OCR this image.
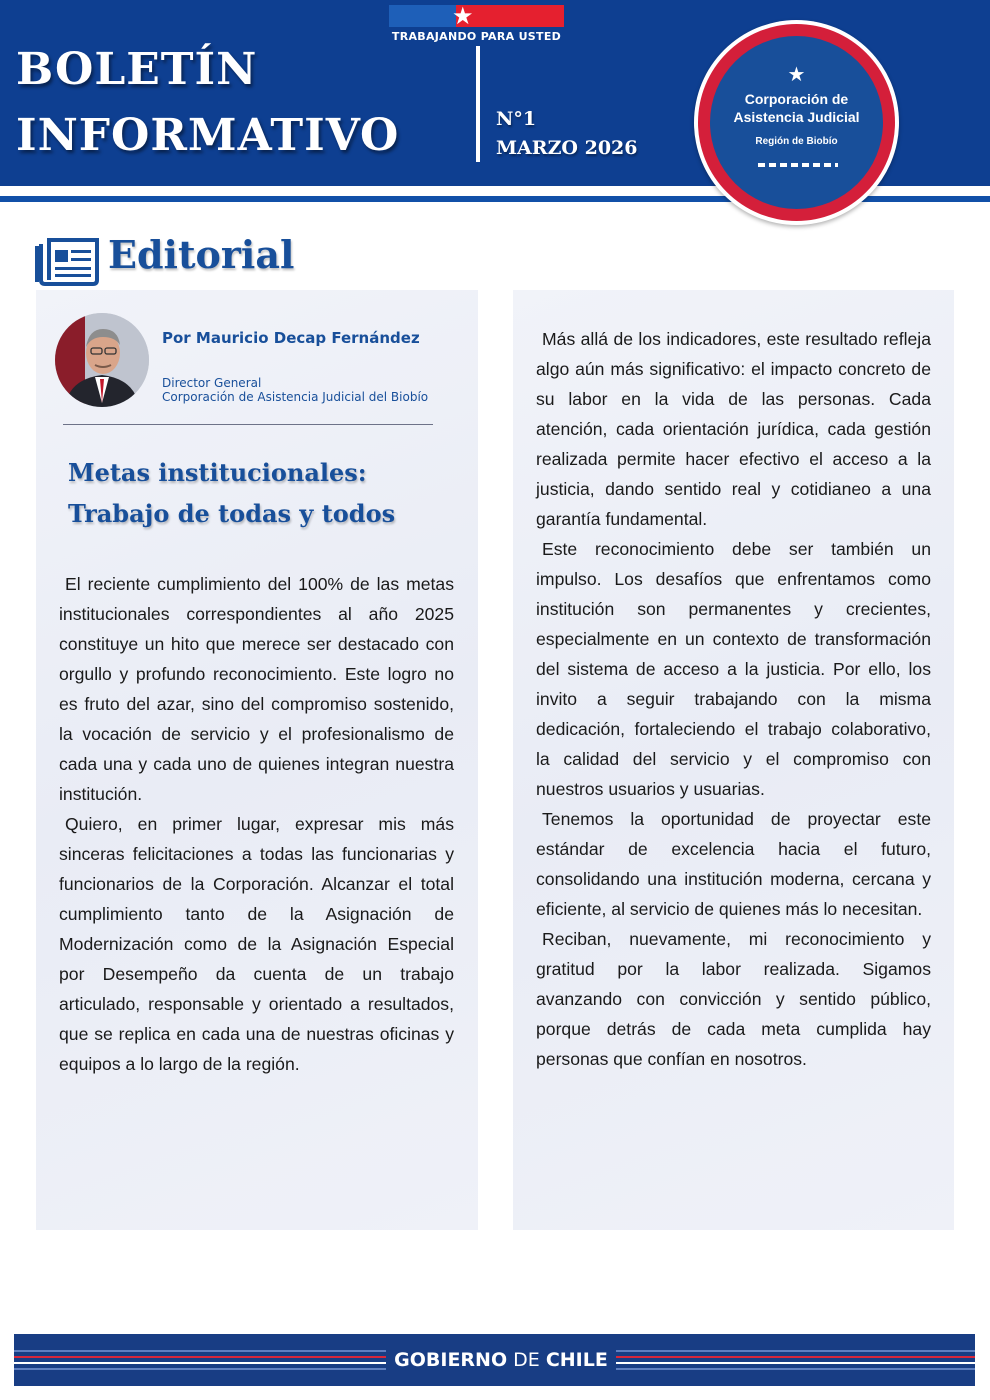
★
TRABAJANDO PARA USTED
BOLETÍN
INFORMATIVO	N°1
MARZO 2026
★
Corporación de
Asistencia Judicial
Región de Biobío
Editorial
Por Mauricio Decap Fernández
Director General
Corporación de Asistencia Judicial del Biobío
Metas institucionales:
Trabajo de todas y todos

El reciente cumplimiento del 100% de las metas institucionales correspondientes al año 2025 constituye un hito que merece ser destacado con orgullo y profundo reconocimiento. Este logro no es fruto del azar, sino del compromiso sostenido, la vocación de servicio y el profesionalismo de cada una y cada uno de quienes integran nuestra institución.

Quiero, en primer lugar, expresar mis más sinceras felicitaciones a todas las funcionarias y funcionarios de la Corporación. Alcanzar el total cumplimiento tanto de la Asignación de Modernización como de la Asignación Especial por Desempeño da cuenta de un trabajo articulado, responsable y orientado a resultados, que se replica en cada una de nuestras oficinas y equipos a lo largo de la región.

Más allá de los indicadores, este resultado refleja algo aún más significativo: el impacto concreto de su labor en la vida de las personas. Cada atención, cada orientación jurídica, cada gestión realizada permite hacer efectivo el acceso a la justicia, dando sentido real y cotidianeo a una garantía fundamental.

Este reconocimiento debe ser también un impulso. Los desafíos que enfrentamos como institución son permanentes y crecientes, especialmente en un contexto de transformación del sistema de acceso a la justicia. Por ello, los invito a seguir trabajando con la misma dedicación, fortaleciendo el trabajo colaborativo, la calidad del servicio y el compromiso con nuestros usuarios y usuarias.

Tenemos la oportunidad de proyectar este estándar de excelencia hacia el futuro, consolidando una institución moderna, cercana y eficiente, al servicio de quienes más lo necesitan.

Reciban, nuevamente, mi reconocimiento y gratitud por la labor realizada. Sigamos avanzando con convicción y sentido público, porque detrás de cada meta cumplida hay personas que confían en nosotros.

GOBIERNO DE CHILE
